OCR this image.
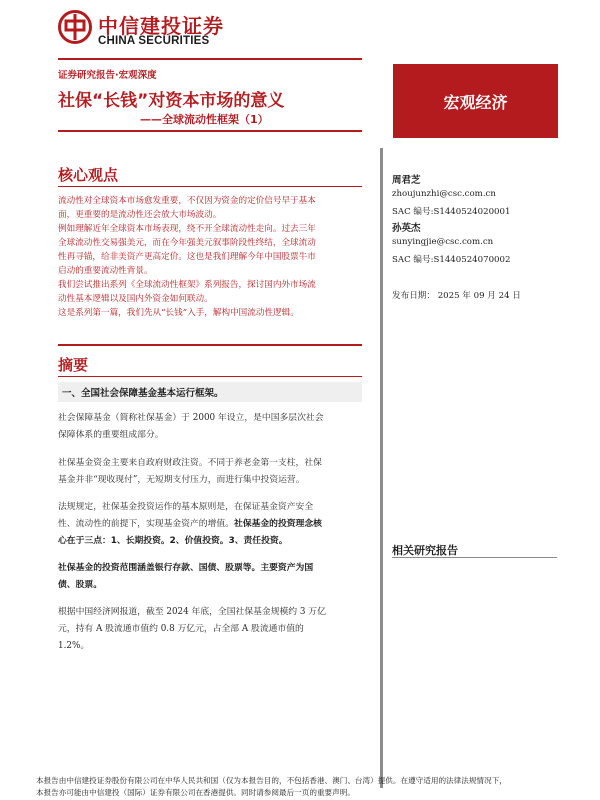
中信建投证券
CHINA SECURITIES
证券研究报告·宏观深度
社保“长钱”对资本市场的意义
——全球流动性框架（1）
宏观经济
核心观点
流动性对全球资本市场愈发重要，不仅因为资金的定价信号早于基本
面，更重要的是流动性还会放大市场波动。
例如理解近年全球资本市场表现，绕不开全球流动性走向。过去三年
全球流动性交易强美元，而在今年强美元叙事阶段性终结，全球流动
性再寻锚，给非美资产更高定价。这也是我们理解今年中国股票牛市
启动的重要流动性背景。
我们尝试推出系列《全球流动性框架》系列报告，探讨国内外市场流
动性基本逻辑以及国内外资金如何联动。
这是系列第一篇，我们先从“长钱”入手，解构中国流动性逻辑。
摘要
一、全国社会保障基金基本运行框架。
社会保障基金（简称社保基金）于 2000 年设立，是中国多层次社会
保障体系的重要组成部分。
社保基金资金主要来自政府财政注资。不同于养老金第一支柱，社保
基金并非“现收现付”，无短期支付压力，而进行集中投资运营。
法规规定，社保基金投资运作的基本原则是，在保证基金资产安全
性、流动性的前提下，实现基金资产的增值。社保基金的投资理念核
心在于三点：1、长期投资。2、价值投资。3、责任投资。
社保基金的投资范围涵盖银行存款、国债、股票等。主要资产为国
债、股票。
根据中国经济网报道，截至 2024 年底，全国社保基金规模约 3 万亿
元，持有 A 股流通市值约 0.8 万亿元，占全部 A 股流通市值的
1.2%。
周君芝
zhoujunzhi@csc.com.cn
SAC 编号:S1440524020001
孙英杰
sunyingjie@csc.com.cn
SAC 编号:S1440524070002
发布日期： 2025 年 09 月 24 日
相关研究报告
本报告由中信建投证券股份有限公司在中华人民共和国（仅为本报告目的，不包括香港、澳门、台湾）提供。在遵守适用的法律法规情况下，
本报告亦可能由中信建投（国际）证券有限公司在香港提供。同时请参阅最后一页的重要声明。
